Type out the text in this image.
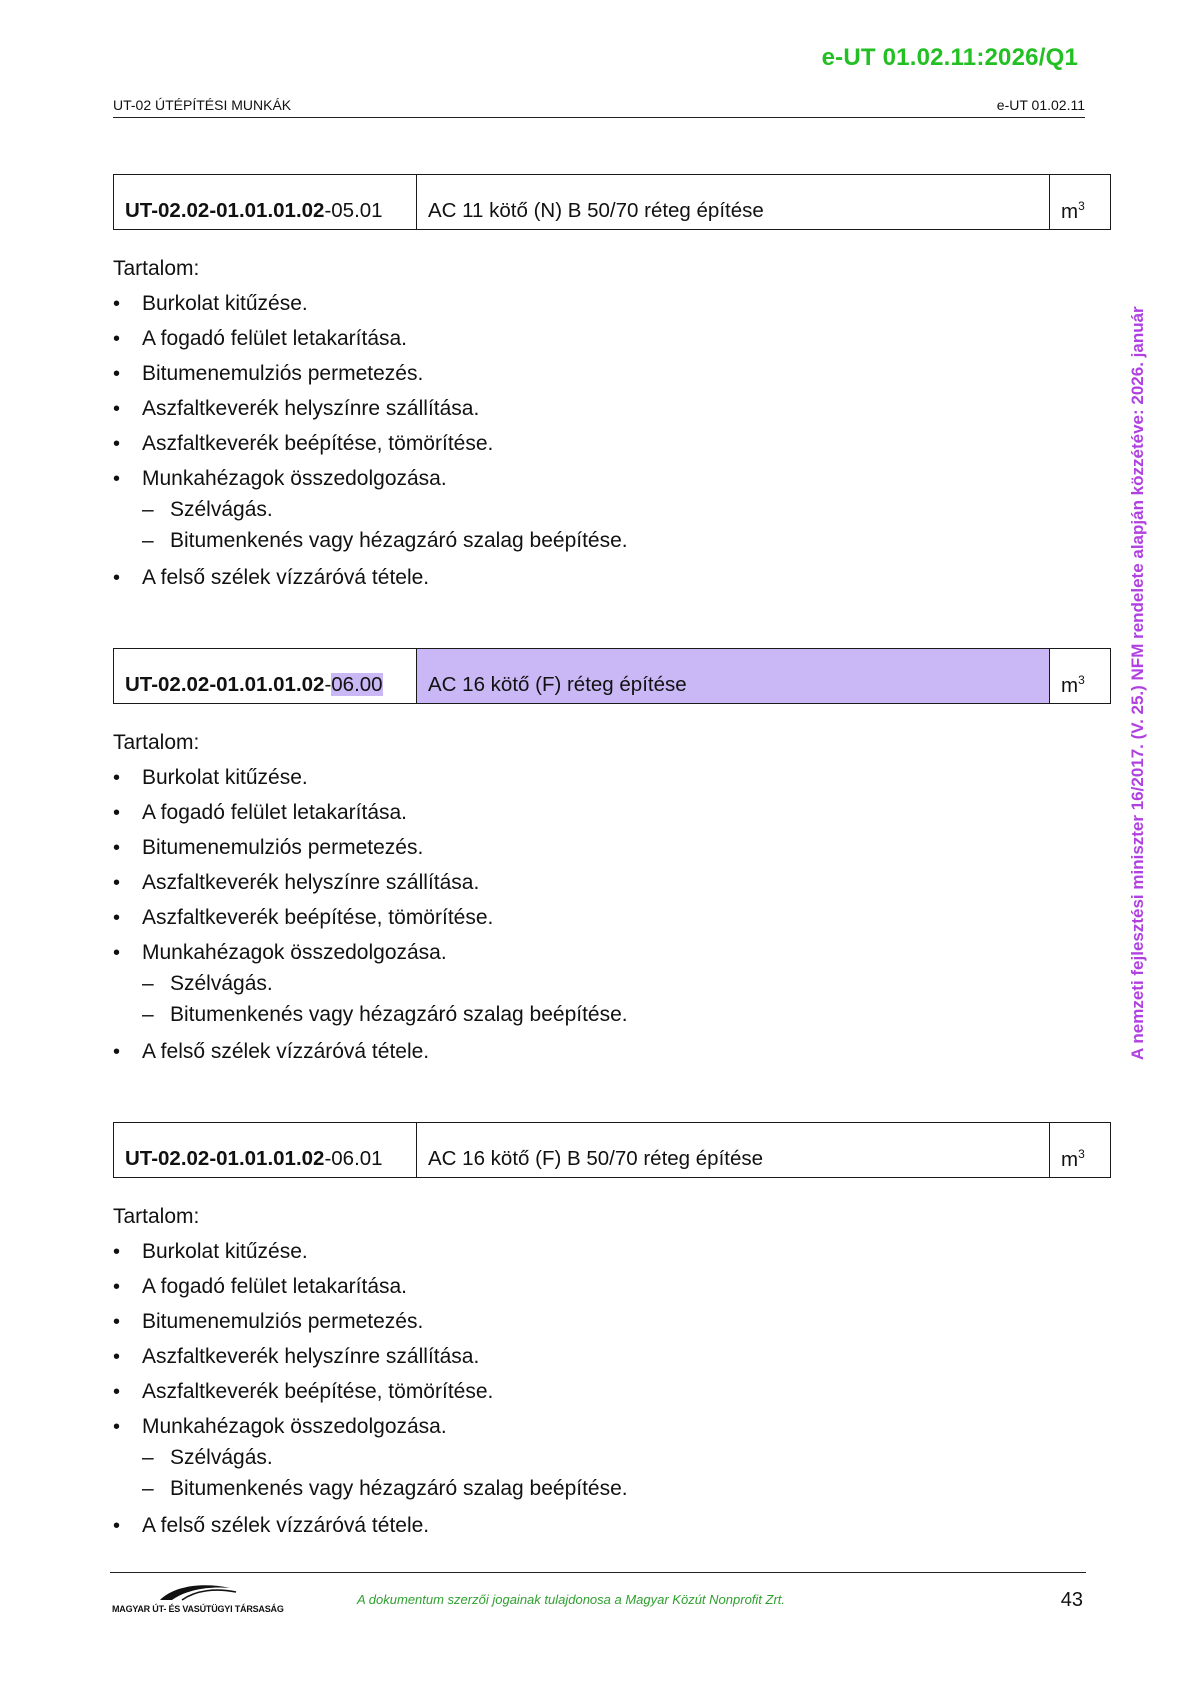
e-UT 01.02.11:2026/Q1
UT-02 ÚTÉPÍTÉSI MUNKÁK	e-UT 01.02.11
A nemzeti fejlesztési miniszter 16/2017. (V. 25.) NFM rendelete alapján közzétéve: 2026. január
UT-02.02-01.01.01.02-05.01	AC 11 kötő (N) B 50/70 réteg építése	$m^3$
Tartalom:
• Burkolat kitűzése.
• A fogadó felület letakarítása.
• Bitumenemulziós permetezés.
• Aszfaltkeverék helyszínre szállítása.
• Aszfaltkeverék beépítése, tömörítése.
• Munkahézagok összedolgozása.
– Szélvágás.
– Bitumenkenés vagy hézagzáró szalag beépítése.
• A felső szélek vízzáróvá tétele.
UT-02.02-01.01.01.02-06.00	AC 16 kötő (F) réteg építése	$m^3$
Tartalom:
• Burkolat kitűzése.
• A fogadó felület letakarítása.
• Bitumenemulziós permetezés.
• Aszfaltkeverék helyszínre szállítása.
• Aszfaltkeverék beépítése, tömörítése.
• Munkahézagok összedolgozása.
– Szélvágás.
– Bitumenkenés vagy hézagzáró szalag beépítése.
• A felső szélek vízzáróvá tétele.
UT-02.02-01.01.01.02-06.01	AC 16 kötő (F) B 50/70 réteg építése	$m^3$
Tartalom:
• Burkolat kitűzése.
• A fogadó felület letakarítása.
• Bitumenemulziós permetezés.
• Aszfaltkeverék helyszínre szállítása.
• Aszfaltkeverék beépítése, tömörítése.
• Munkahézagok összedolgozása.
– Szélvágás.
– Bitumenkenés vagy hézagzáró szalag beépítése.
• A felső szélek vízzáróvá tétele.
MAGYAR ÚT- ÉS VASÚTÜGYI TÁRSASÁG
A dokumentum szerzői jogainak tulajdonosa a Magyar Közút Nonprofit Zrt.	43
